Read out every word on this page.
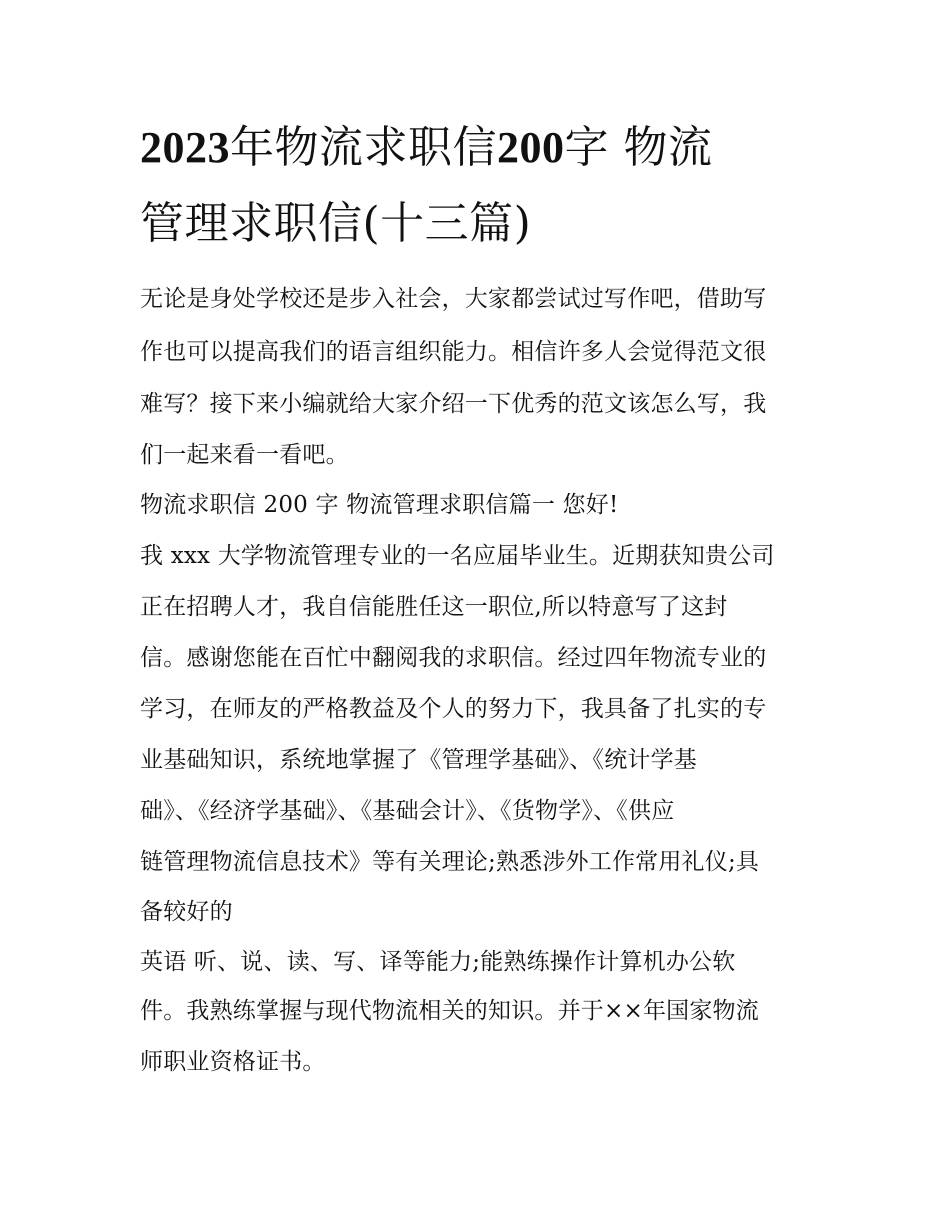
2023年物流求职信200字 物流
管理求职信(十三篇)
无论是身处学校还是步入社会，大家都尝试过写作吧，借助写
作也可以提高我们的语言组织能力。相信许多人会觉得范文很
难写？接下来小编就给大家介绍一下优秀的范文该怎么写，我
们一起来看一看吧。
物流求职信 200 字 物流管理求职信篇一 您好!
我 xxx 大学物流管理专业的一名应届毕业生。近期获知贵公司
正在招聘人才，我自信能胜任这一职位,所以特意写了这封
信。感谢您能在百忙中翻阅我的求职信。经过四年物流专业的
学习，在师友的严格教益及个人的努力下，我具备了扎实的专
业基础知识，系统地掌握了《管理学基础》、《统计学基
础》、《经济学基础》、《基础会计》、《货物学》、《供应
链管理物流信息技术》等有关理论;熟悉涉外工作常用礼仪;具
备较好的
英语 听、说、读、写、译等能力;能熟练操作计算机办公软
件。我熟练掌握与现代物流相关的知识。并于××年国家物流
师职业资格证书。
